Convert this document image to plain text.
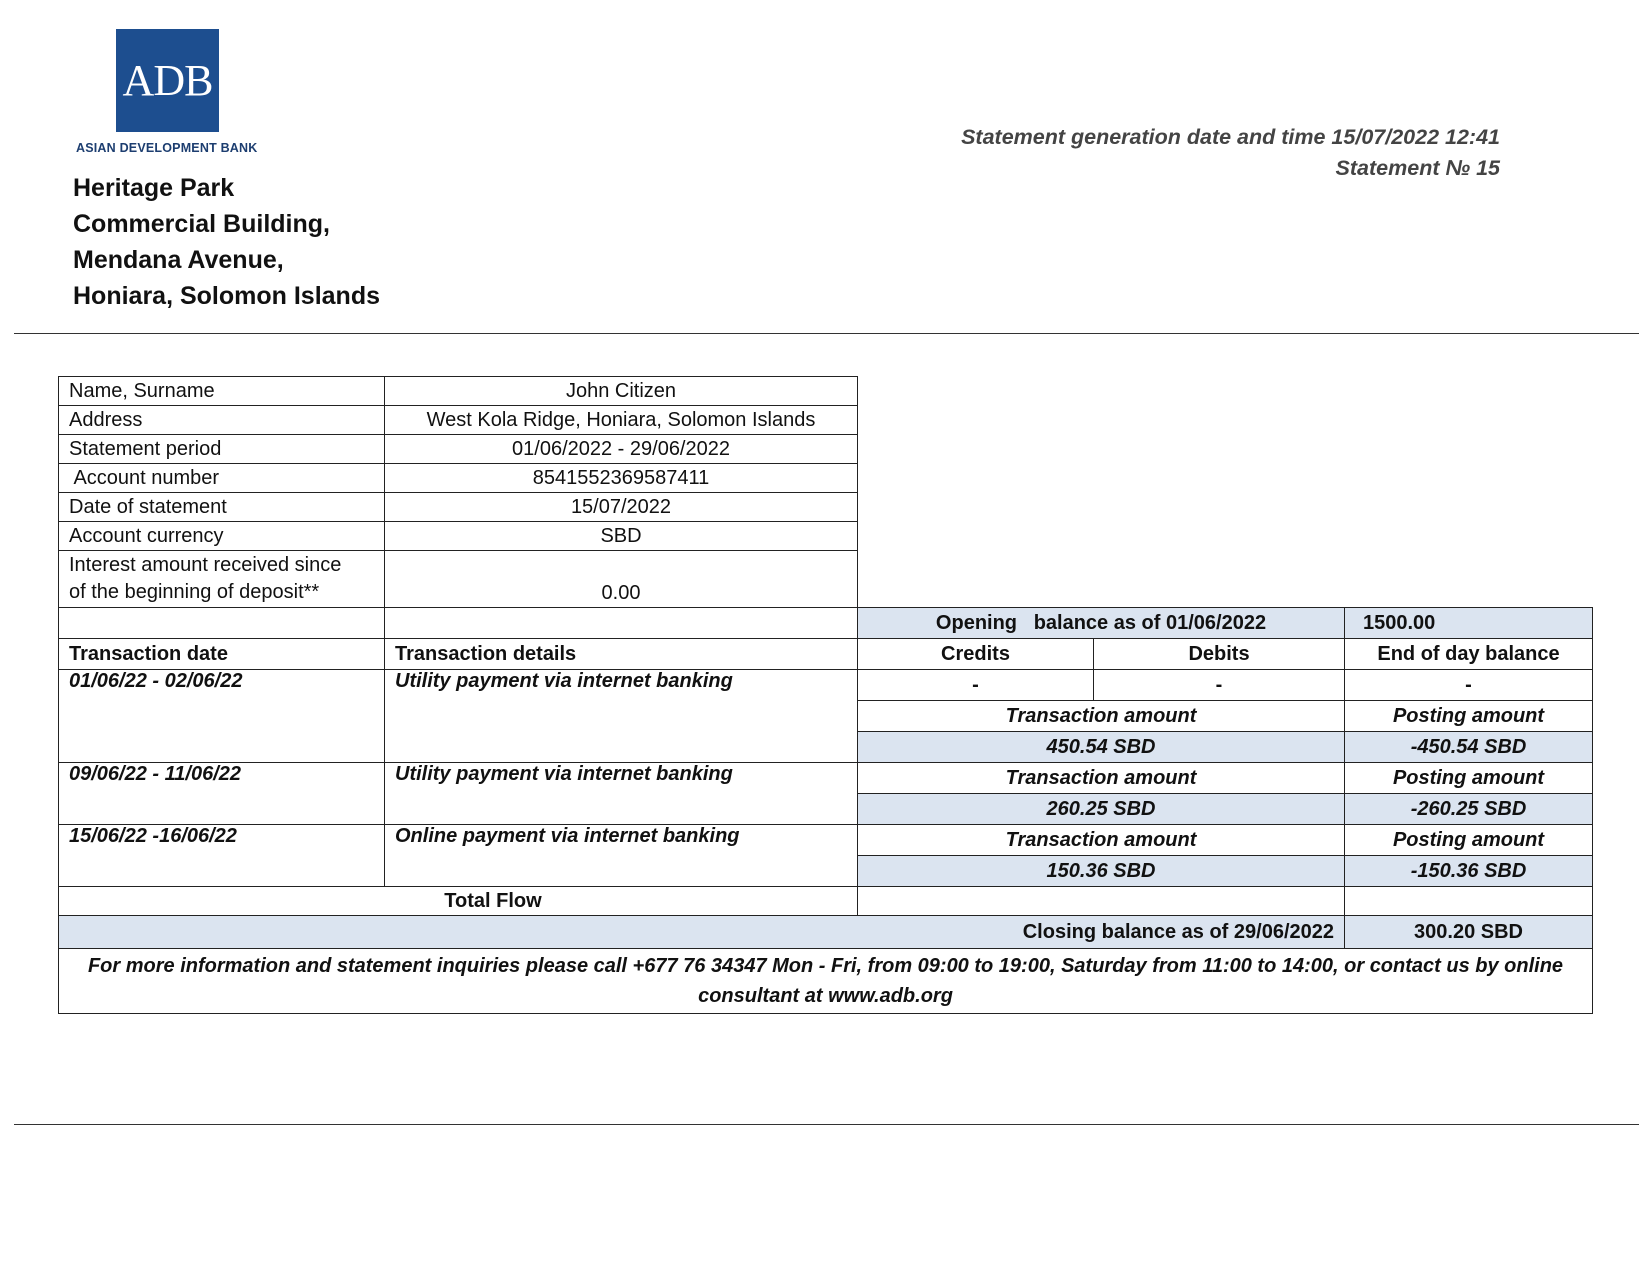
ADB
ASIAN DEVELOPMENT BANK
Heritage Park
Commercial Building,
Mendana Avenue,
Honiara, Solomon Islands
Statement generation date and time 15/07/2022 12:41
Statement № 15
Name, Surname	John Citizen			
Address	West Kola Ridge, Honiara, Solomon Islands			
Statement period	01/06/2022 - 29/06/2022			
Account number	8541552369587411			
Date of statement	15/07/2022			
Account currency	SBD			

Interest amount received since
of the beginning of deposit**	0.00			
		Opening   balance as of 01/06/2022		1500.00
Transaction date	Transaction details	Credits	Debits	End of day balance
01/06/22 - 02/06/22	Utility payment via internet banking	-	-	-
		Transaction amount		Posting amount
		450.54 SBD		-450.54 SBD
09/06/22 - 11/06/22	Utility payment via internet banking	Transaction amount		Posting amount
		260.25 SBD		-260.25 SBD
15/06/22 -16/06/22	Online payment via internet banking	Transaction amount		Posting amount
		150.36 SBD		-150.36 SBD
Total Flow				
Closing balance as of 29/06/2022				300.20 SBD
For more information and statement inquiries please call +677 76 34347 Mon - Fri, from 09:00 to 19:00, Saturday from 11:00 to 14:00, or contact us by online consultant at www.adb.org				
